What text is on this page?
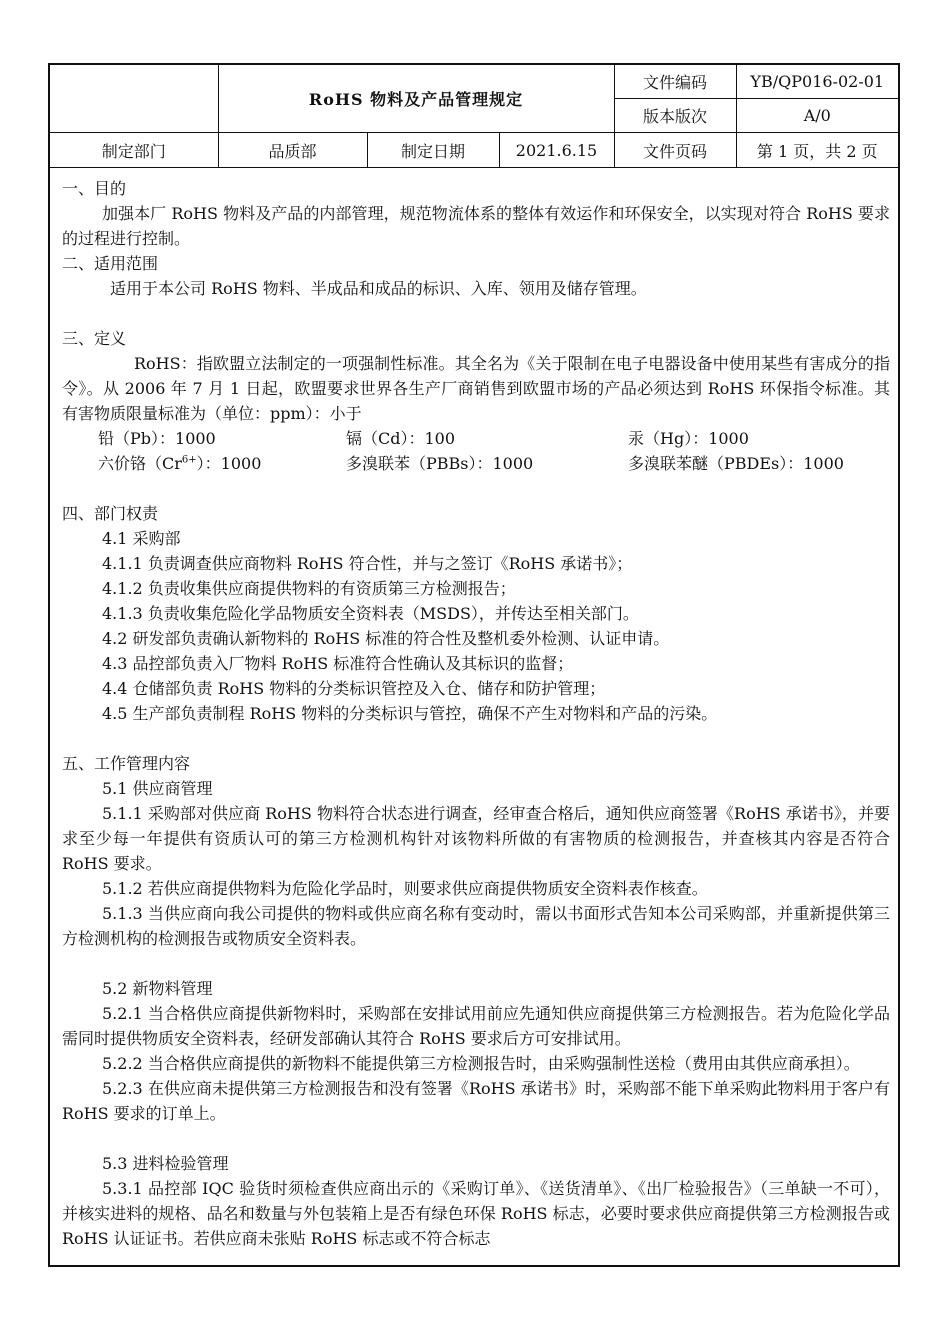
	RoHS 物料及产品管理规定			文件编码	YB/QP016-02-01
				版本版次	A/0
制定部门	品质部	制定日期	2021.6.15	文件页码	第 1 页，共 2 页

一、目的

加强本厂 RoHS 物料及产品的内部管理，规范物流体系的整体有效运作和环保安全，以实现对符合 RoHS 要求的过程进行控制。

二、适用范围

适用于本公司 RoHS 物料、半成品和成品的标识、入库、领用及储存管理。

三、定义

RoHS：指欧盟立法制定的一项强制性标准。其全名为《关于限制在电子电器设备中使用某些有害成分的指令》。从 2006 年 7 月 1 日起，欧盟要求世界各生产厂商销售到欧盟市场的产品必须达到 RoHS 环保指令标准。其有害物质限量标准为（单位：ppm）：小于

铅（Pb）：1000	镉（Cd）：100	汞（Hg）：1000
六价铬$(Cr^{6+})$：1000	多溴联苯（PBBs）：1000	多溴联苯醚（PBDEs）：1000

四、部门权责

4.1 采购部

4.1.1 负责调查供应商物料 RoHS 符合性，并与之签订《RoHS 承诺书》；

4.1.2 负责收集供应商提供物料的有资质第三方检测报告；

4.1.3 负责收集危险化学品物质安全资料表（MSDS），并传达至相关部门。

4.2 研发部负责确认新物料的 RoHS 标准的符合性及整机委外检测、认证申请。

4.3 品控部负责入厂物料 RoHS 标准符合性确认及其标识的监督；

4.4 仓储部负责 RoHS 物料的分类标识管控及入仓、储存和防护管理；

4.5 生产部负责制程 RoHS 物料的分类标识与管控，确保不产生对物料和产品的污染。

五、工作管理内容

5.1 供应商管理

5.1.1 采购部对供应商 RoHS 物料符合状态进行调查，经审查合格后，通知供应商签署《RoHS 承诺书》，并要求至少每一年提供有资质认可的第三方检测机构针对该物料所做的有害物质的检测报告，并查核其内容是否符合 RoHS 要求。

5.1.2 若供应商提供物料为危险化学品时，则要求供应商提供物质安全资料表作核查。

5.1.3 当供应商向我公司提供的物料或供应商名称有变动时，需以书面形式告知本公司采购部，并重新提供第三方检测机构的检测报告或物质安全资料表。

5.2 新物料管理

5.2.1 当合格供应商提供新物料时，采购部在安排试用前应先通知供应商提供第三方检测报告。若为危险化学品需同时提供物质安全资料表，经研发部确认其符合 RoHS 要求后方可安排试用。

5.2.2 当合格供应商提供的新物料不能提供第三方检测报告时，由采购强制性送检（费用由其供应商承担）。

5.2.3 在供应商未提供第三方检测报告和没有签署《RoHS 承诺书》时，采购部不能下单采购此物料用于客户有 RoHS 要求的订单上。

5.3 进料检验管理

5.3.1 品控部 IQC 验货时须检查供应商出示的《采购订单》、《送货清单》、《出厂检验报告》（三单缺一不可），并核实进料的规格、品名和数量与外包装箱上是否有绿色环保 RoHS 标志，必要时要求供应商提供第三方检测报告或 RoHS 认证证书。若供应商未张贴 RoHS 标志或不符合标志
